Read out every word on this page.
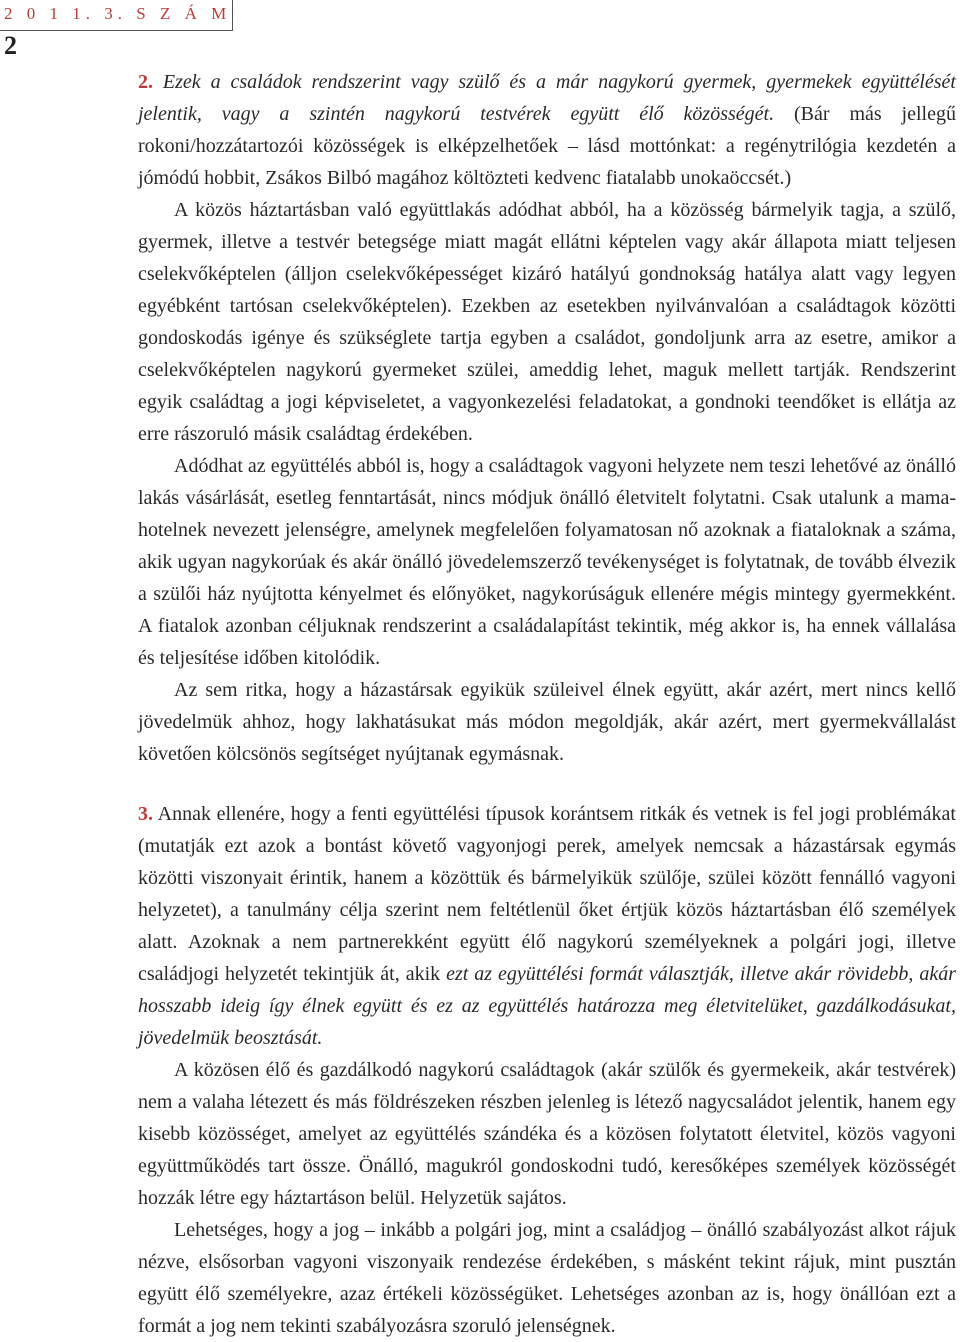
2 0 1 1. 3. S Z Á M
2

2. Ezek a családok rendszerint vagy szülő és a már nagykorú gyermek, gyermekek együttélését jelentik, vagy a szintén nagykorú testvérek együtt élő közösségét. (Bár más jellegű rokoni/hozzátartozói közösségek is elképzelhetőek – lásd mottónkat: a regénytrilógia kezdetén a jómódú hobbit, Zsákos Bilbó magához költözteti kedvenc fiatalabb unokaöccsét.)

A közös háztartásban való együttlakás adódhat abból, ha a közösség bármelyik tagja, a szülő, gyermek, illetve a testvér betegsége miatt magát ellátni képtelen vagy akár állapota miatt teljesen cselekvőképtelen (álljon cselekvőképességet kizáró hatályú gondnokság hatálya alatt vagy legyen egyébként tartósan cselekvőképtelen). Ezekben az esetekben nyilvánvalóan a családtagok közötti gondoskodás igénye és szükséglete tartja egyben a családot, gondoljunk arra az esetre, amikor a cselekvőképtelen nagykorú gyermeket szülei, ameddig lehet, maguk mellett tartják. Rendszerint egyik családtag a jogi képviseletet, a vagyonkezelési feladatokat, a gondnoki teendőket is ellátja az erre rászoruló másik családtag érdekében.

Adódhat az együttélés abból is, hogy a családtagok vagyoni helyzete nem teszi lehetővé az önálló lakás vásárlását, esetleg fenntartását, nincs módjuk önálló életvitelt folytatni. Csak utalunk a mama-hotelnek nevezett jelenségre, amelynek megfelelően folyamatosan nő azoknak a fiataloknak a száma, akik ugyan nagykorúak és akár önálló jövedelemszerző tevékenységet is folytatnak, de tovább élvezik a szülői ház nyújtotta kényelmet és előnyöket, nagykorúságuk ellenére mégis mintegy gyermekként. A fiatalok azonban céljuknak rendszerint a családalapítást tekintik, még akkor is, ha ennek vállalása és teljesítése időben kitolódik.

Az sem ritka, hogy a házastársak egyikük szüleivel élnek együtt, akár azért, mert nincs kellő jövedelmük ahhoz, hogy lakhatásukat más módon megoldják, akár azért, mert gyermekvállalást követően kölcsönös segítséget nyújtanak egymásnak.

3. Annak ellenére, hogy a fenti együttélési típusok korántsem ritkák és vetnek is fel jogi problémákat (mutatják ezt azok a bontást követő vagyonjogi perek, amelyek nemcsak a házastársak egymás közötti viszonyait érintik, hanem a közöttük és bármelyikük szülője, szülei között fennálló vagyoni helyzetet), a tanulmány célja szerint nem feltétlenül őket értjük közös háztartásban élő személyek alatt. Azoknak a nem partnerekként együtt élő nagykorú személyeknek a polgári jogi, illetve családjogi helyzetét tekintjük át, akik ezt az együttélési formát választják, illetve akár rövidebb, akár hosszabb ideig így élnek együtt és ez az együttélés határozza meg életvitelüket, gazdálkodásukat, jövedelmük beosztását.

A közösen élő és gazdálkodó nagykorú családtagok (akár szülők és gyermekeik, akár testvérek) nem a valaha létezett és más földrészeken részben jelenleg is létező nagycsaládot jelentik, hanem egy kisebb közösséget, amelyet az együttélés szándéka és a közösen folytatott életvitel, közös vagyoni együttműködés tart össze. Önálló, magukról gondoskodni tudó, keresőképes személyek közösségét hozzák létre egy háztartáson belül. Helyzetük sajátos.

Lehetséges, hogy a jog – inkább a polgári jog, mint a családjog – önálló szabályozást alkot rájuk nézve, elsősorban vagyoni viszonyaik rendezése érdekében, s másként tekint rájuk, mint pusztán együtt élő személyekre, azaz értékeli közösségüket. Lehetséges azonban az is, hogy önállóan ezt a formát a jog nem tekinti szabályozásra szoruló jelenségnek.
